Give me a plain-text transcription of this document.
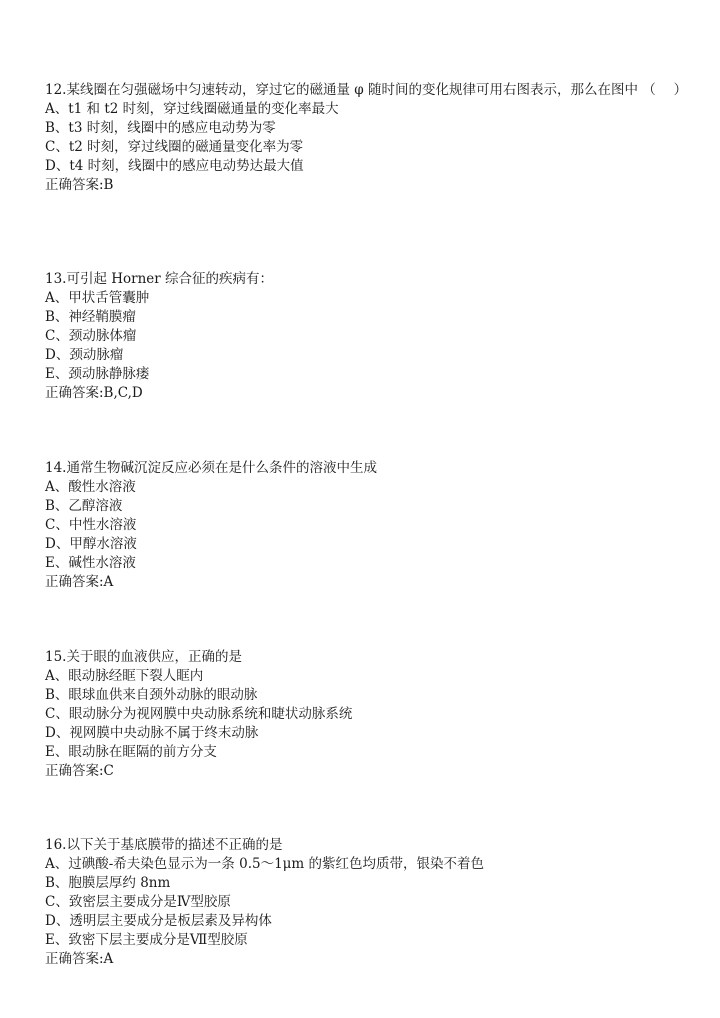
12.某线圈在匀强磁场中匀速转动，穿过它的磁通量 φ 随时间的变化规律可用右图表示，那么在图中 （　 ）
A、t1 和 t2 时刻，穿过线圈磁通量的变化率最大
B、t3 时刻，线圈中的感应电动势为零
C、t2 时刻，穿过线圈的磁通量变化率为零
D、t4 时刻，线圈中的感应电动势达最大值
正确答案:B
13.可引起 Horner 综合征的疾病有：
A、甲状舌管囊肿
B、神经鞘膜瘤
C、颈动脉体瘤
D、颈动脉瘤
E、颈动脉静脉瘘
正确答案:B,C,D
14.通常生物碱沉淀反应必须在是什么条件的溶液中生成
A、酸性水溶液
B、乙醇溶液
C、中性水溶液
D、甲醇水溶液
E、碱性水溶液
正确答案:A
15.关于眼的血液供应，正确的是
A、眼动脉经眶下裂人眶内
B、眼球血供来自颈外动脉的眼动脉
C、眼动脉分为视网膜中央动脉系统和睫状动脉系统
D、视网膜中央动脉不属于终末动脉
E、眼动脉在眶隔的前方分支
正确答案:C
16.以下关于基底膜带的描述不正确的是
A、过碘酸-希夫染色显示为一条 0.5～1μm 的紫红色均质带，银染不着色
B、胞膜层厚约 8nm
C、致密层主要成分是Ⅳ型胶原
D、透明层主要成分是板层素及异构体
E、致密下层主要成分是Ⅶ型胶原
正确答案:A
